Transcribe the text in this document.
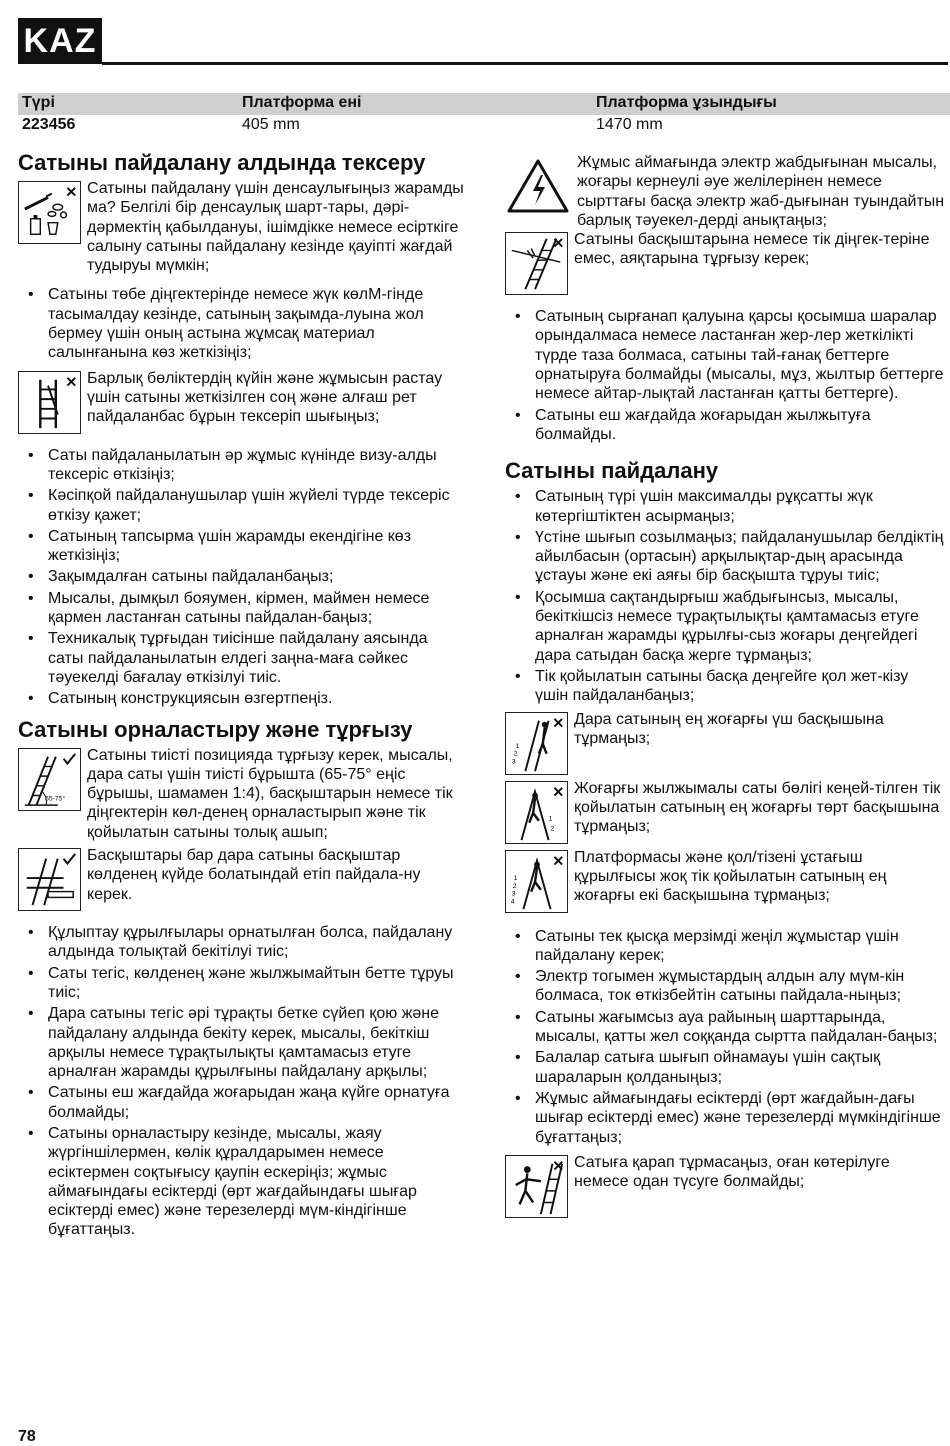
KAZ
Түрі	Платформа ені	Платформа ұзындығы
223456	405 mm	1470 mm
Сатыны пайдалану алдында тексеру
Сатыны пайдалану үшін денсаулығыңыз жарамды ма? Белгілі бір денсаулық шарт-тары, дәрі-дәрмектің қабылдануы, ішімдікке немесе есірткіге салыну сатыны пайдалану кезінде қауіпті жағдай тудыруы мүмкін;
• Сатыны төбе діңгектерінде немесе жүк көлМ-гінде тасымалдау кезінде, сатының зақымда-луына жол бермеу үшін оның астына жұмсақ материал салынғанына көз жеткізіңіз;
Барлық бөліктердің күйін және жұмысын растау үшін сатыны жеткізілген соң және алғаш рет пайдаланбас бұрын тексеріп шығыңыз;
• Саты пайдаланылатын әр жұмыс күнінде визу-алды тексеріс өткізіңіз;
• Кәсіпқой пайдаланушылар үшін жүйелі түрде тексеріс өткізу қажет;
• Сатының тапсырма үшін жарамды екендігіне көз жеткізіңіз;
• Зақымдалған сатыны пайдаланбаңыз;
• Мысалы, дымқыл бояумен, кірмен, маймен немесе қармен ластанған сатыны пайдалан-баңыз;
• Техникалық тұрғыдан тиісінше пайдалану аясында саты пайдаланылатын елдегі заңна-маға сәйкес тәуекелді бағалау өткізілуі тиіс.
• Сатының конструкциясын өзгертпеңіз.
Сатыны орналастыру және тұрғызу
65-75°
Сатыны тиісті позицияда тұрғызу керек, мысалы, дара саты үшін тиісті бұрышта (65-75° еңіс бұрышы, шамамен 1:4), басқыштарын немесе тік діңгектерін көл-денең орналастырып және тік қойылатын сатыны толық ашып;
Басқыштары бар дара сатыны басқыштар көлденең күйде болатындай етіп пайдала-ну керек.
• Құлыптау құрылғылары орнатылған болса, пайдалану алдында толықтай бекітілуі тиіс;
• Саты тегіс, көлденең және жылжымайтын бетте тұруы тиіс;
• Дара сатыны тегіс әрі тұрақты бетке сүйеп қою және пайдалану алдында бекіту керек, мысалы, бекіткіш арқылы немесе тұрақтылықты қамтамасыз етуге арналған жарамды құрылғыны пайдалану арқылы;
• Сатыны еш жағдайда жоғарыдан жаңа күйге орнатуға болмайды;
• Сатыны орналастыру кезінде, мысалы, жаяу жүргіншілермен, көлік құралдарымен немесе есіктермен соқтығысу қаупін ескеріңіз; жұмыс аймағындағы есіктерді (өрт жағдайындағы шығар есіктерді емес) және терезелерді мүм-кіндігінше бұғаттаңыз.
Жұмыс аймағында электр жабдығынан мысалы, жоғары кернеулі әуе желілерінен немесе сырттағы басқа электр жаб-дығынан туындайтын барлық тәуекел-дерді анықтаңыз;
Сатыны басқыштарына немесе тік діңгек-теріне емес, аяқтарына тұрғызу керек;
• Сатының сырғанап қалуына қарсы қосымша шаралар орындалмаса немесе ластанған жер-лер жеткілікті түрде таза болмаса, сатыны тай-ғанақ беттерге орнатыруға болмайды (мысалы, мұз, жылтыр беттерге немесе айтар-лықтай ластанған қатты беттерге).
• Сатыны еш жағдайда жоғарыдан жылжытуға болмайды.
Сатыны пайдалану
• Сатының түрі үшін максималды рұқсатты жүк көтергіштіктен асырмаңыз;
• Үстіне шығып созылмаңыз; пайдаланушылар белдіктің айылбасын (ортасын) арқылықтар-дың арасында ұстауы және екі аяғы бір басқышта тұруы тиіс;
• Қосымша сақтандырғыш жабдығынсыз, мысалы, бекіткішсіз немесе тұрақтылықты қамтамасыз етуге арналған жарамды құрылғы-сыз жоғары деңгейдегі дара сатыдан басқа жерге тұрмаңыз;
• Тік қойылатын сатыны басқа деңгейге қол жет-кізу үшін пайдаланбаңыз;
1
2
3
Дара сатының ең жоғарғы үш басқышына тұрмаңыз;
1
2
Жоғарғы жылжымалы саты бөлігі кеңей-тілген тік қойылатын сатының ең жоғарғы төрт басқышына тұрмаңыз;
1
2
3
4
Платформасы және қол/тізені ұстағыш құрылғысы жоқ тік қойылатын сатының ең жоғарғы екі басқышына тұрмаңыз;
• Сатыны тек қысқа мерзімді жеңіл жұмыстар үшін пайдалану керек;
• Электр тогымен жұмыстардың алдын алу мүм-кін болмаса, ток өткізбейтін сатыны пайдала-ныңыз;
• Сатыны жағымсыз ауа райының шарттарында, мысалы, қатты жел соққанда сыртта пайдалан-баңыз;
• Балалар сатыға шығып ойнамауы үшін сақтық шараларын қолданыңыз;
• Жұмыс аймағындағы есіктерді (өрт жағдайын-дағы шығар есіктерді емес) және терезелерді мүмкіндігінше бұғаттаңыз;
Сатыға қарап тұрмасаңыз, оған көтерілуге немесе одан түсуге болмайды;
78
